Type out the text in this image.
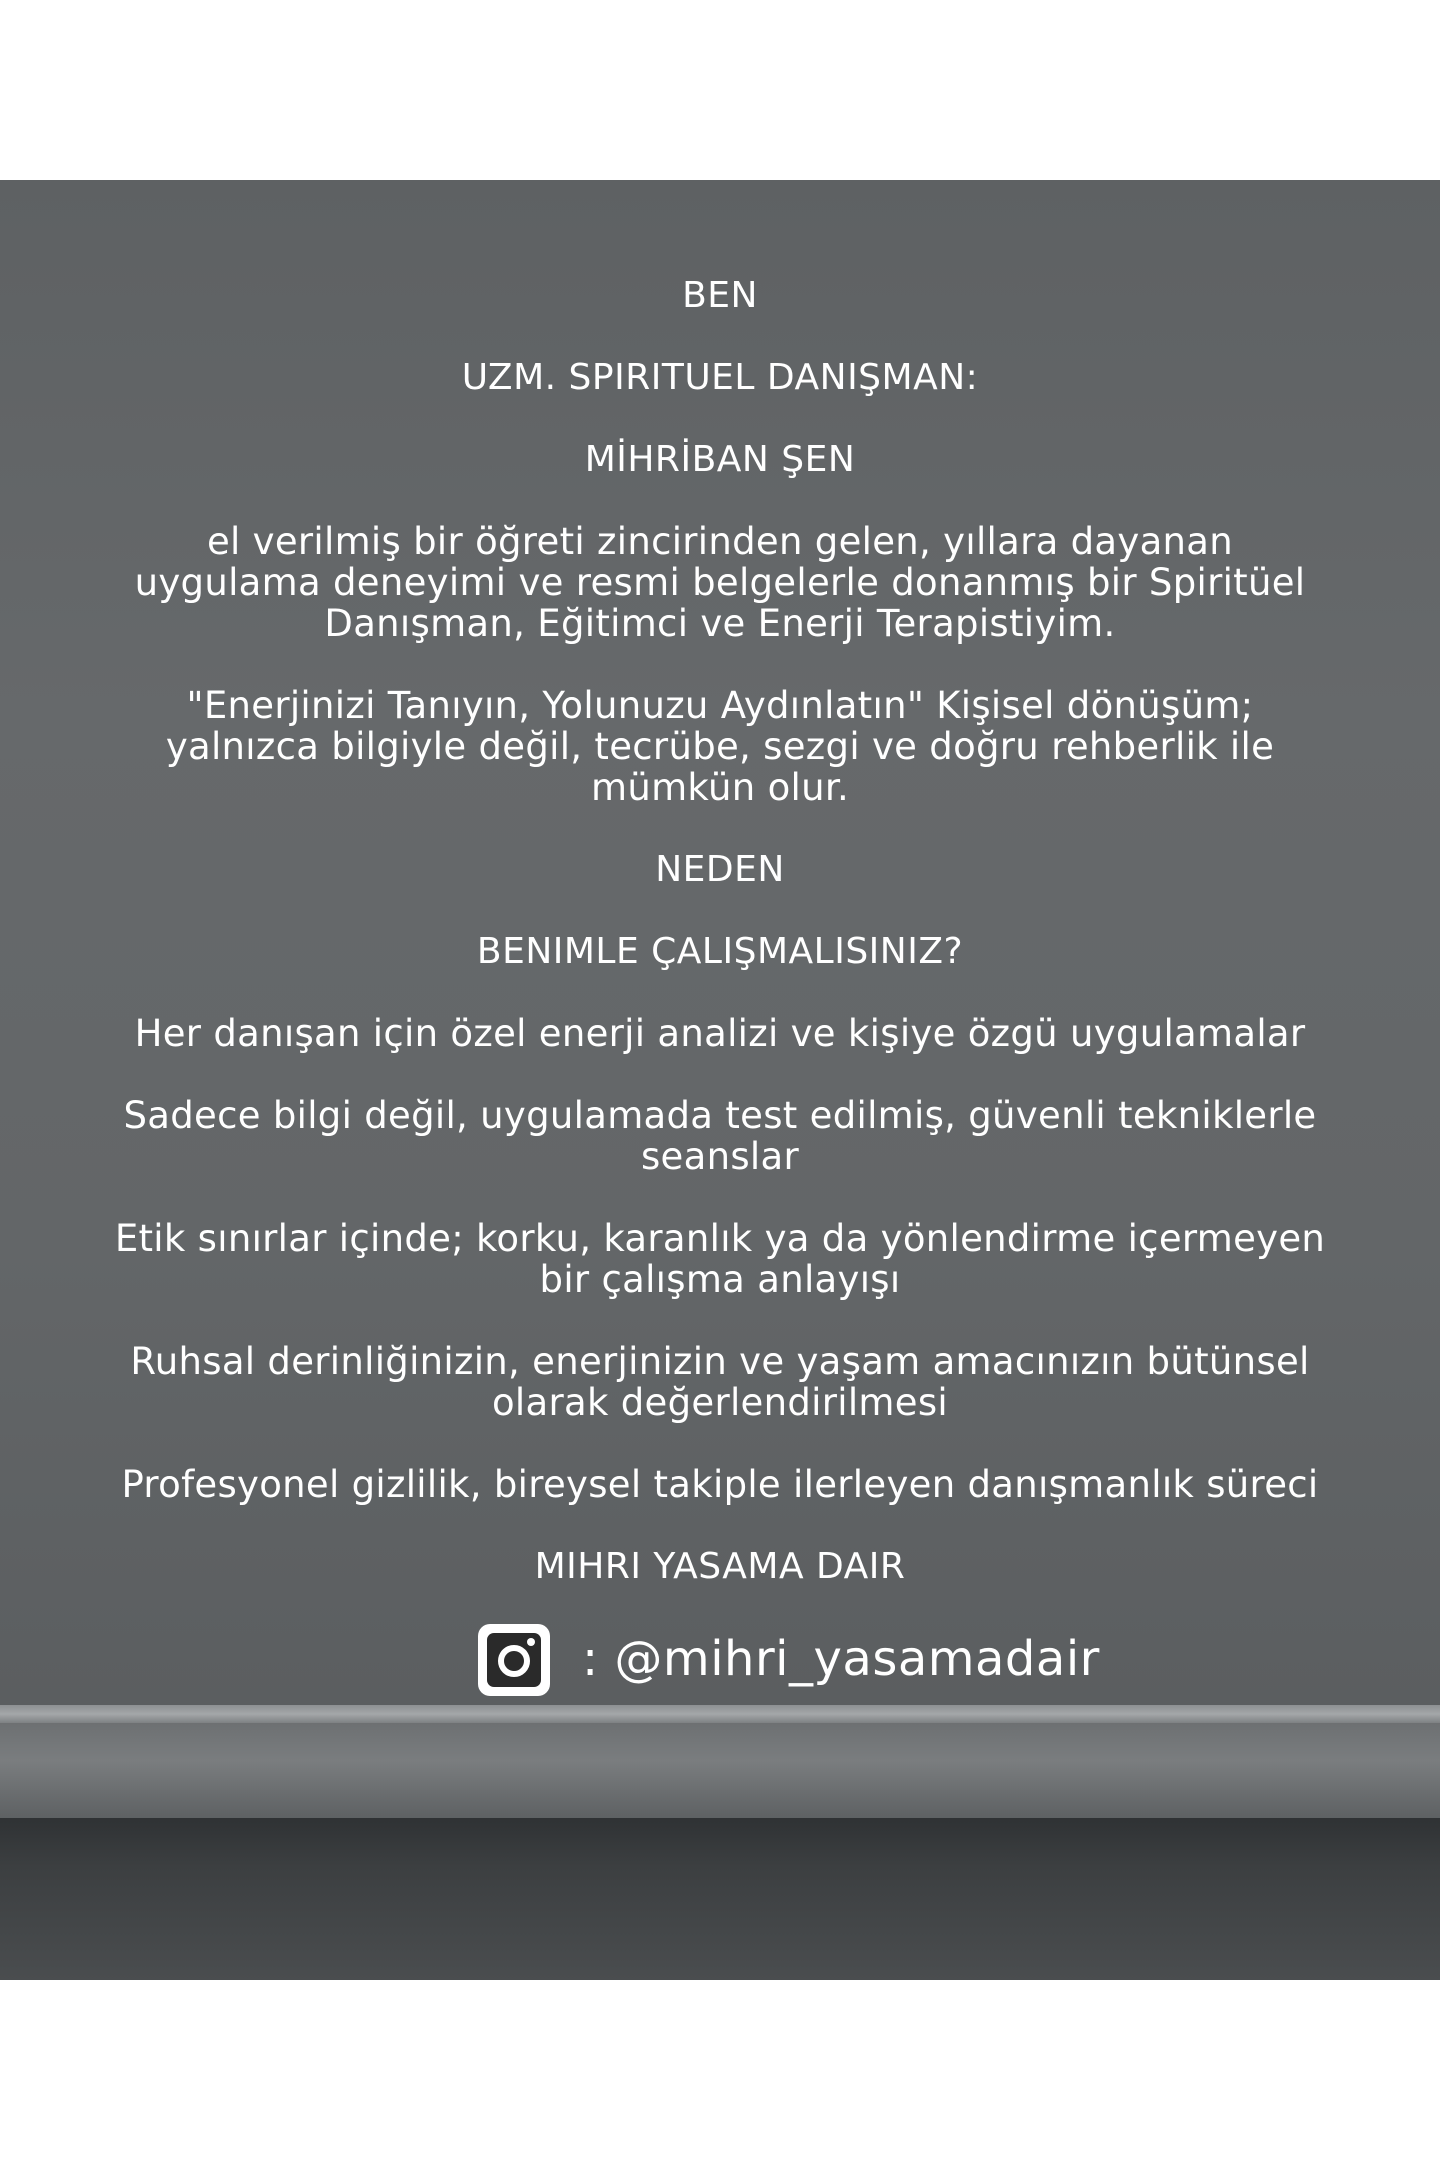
BEN
UZM. SPIRITUEL DANIŞMAN:
MİHRİBAN ŞEN
el verilmiş bir öğreti zincirinden gelen, yıllara dayanan
uygulama deneyimi ve resmi belgelerle donanmış bir Spiritüel
Danışman, Eğitimci ve Enerji Terapistiyim.
"Enerjinizi Tanıyın, Yolunuzu Aydınlatın" Kişisel dönüşüm;
yalnızca bilgiyle değil, tecrübe, sezgi ve doğru rehberlik ile
mümkün olur.
NEDEN
BENIMLE ÇALIŞMALISINIZ?
Her danışan için özel enerji analizi ve kişiye özgü uygulamalar
Sadece bilgi değil, uygulamada test edilmiş, güvenli tekniklerle
seanslar
Etik sınırlar içinde; korku, karanlık ya da yönlendirme içermeyen
bir çalışma anlayışı
Ruhsal derinliğinizin, enerjinizin ve yaşam amacınızın bütünsel
olarak değerlendirilmesi
Profesyonel gizlilik, bireysel takiple ilerleyen danışmanlık süreci
MIHRI YASAMA DAIR
: @mihri_yasamadair
